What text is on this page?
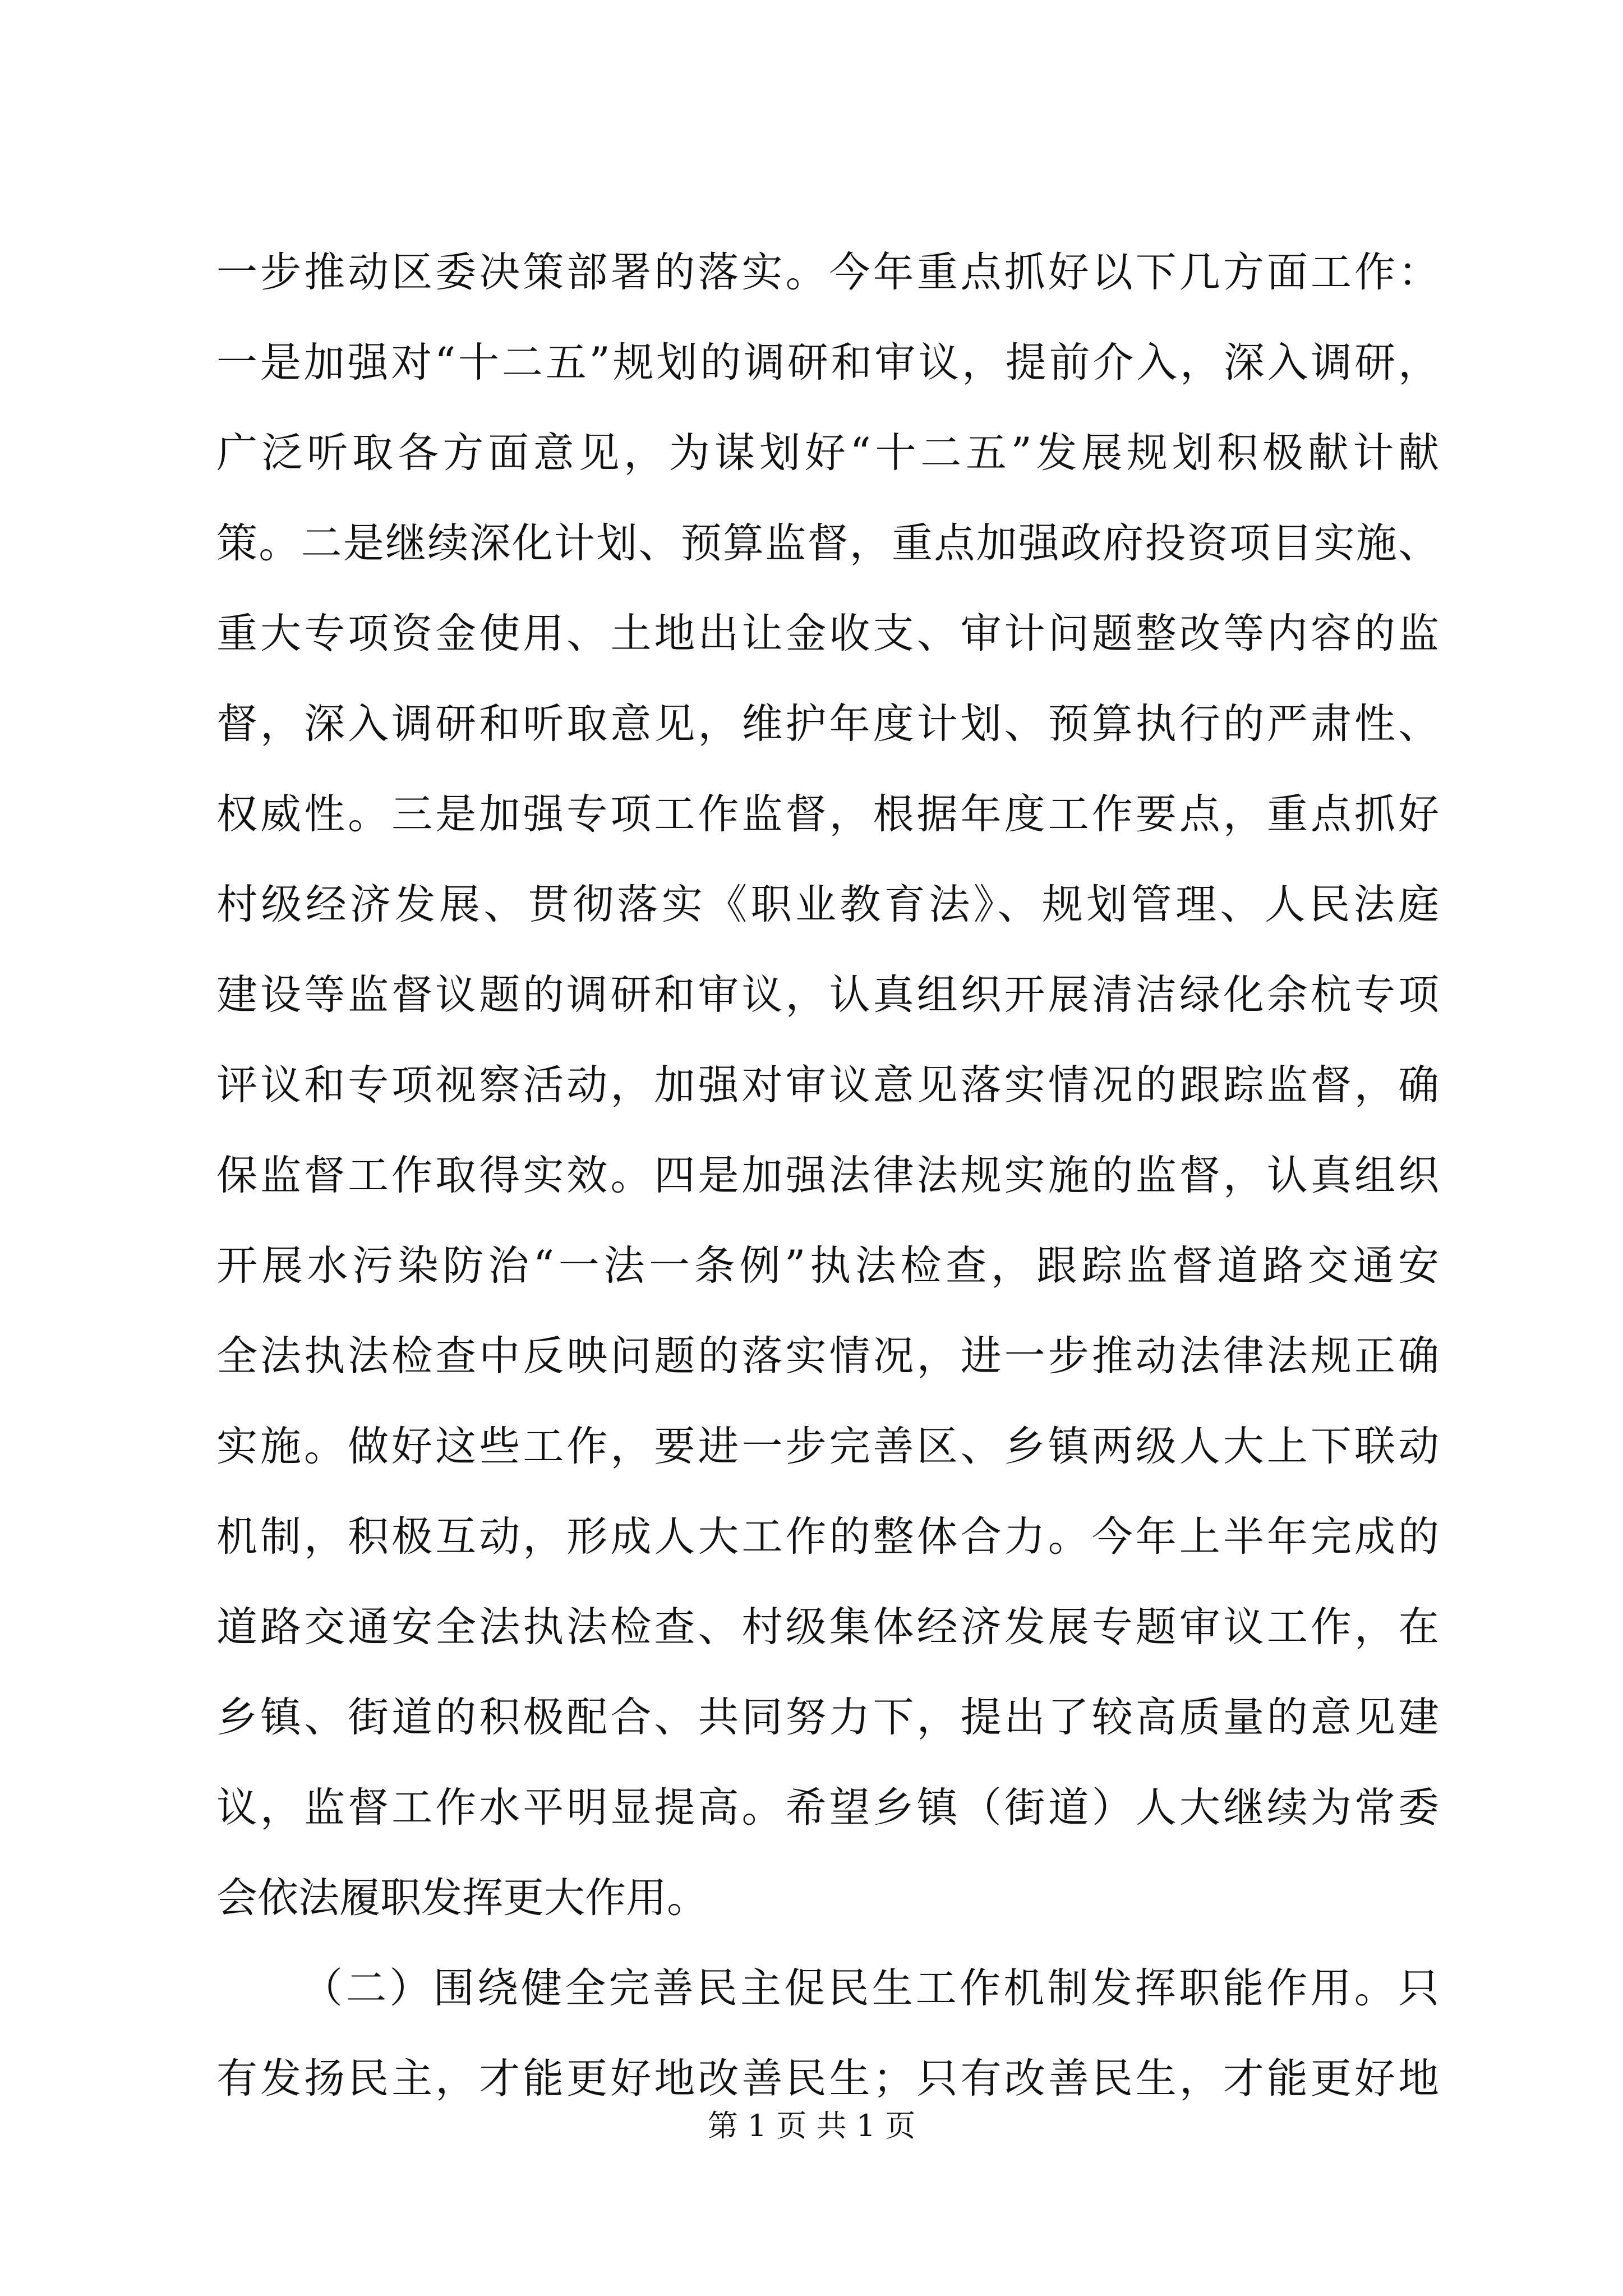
一步推动区委决策部署的落实。今年重点抓好以下几方面工作：
一是加强对“十二五”规划的调研和审议，提前介入，深入调研，
广泛听取各方面意见，为谋划好“十二五”发展规划积极献计献
策。二是继续深化计划、预算监督，重点加强政府投资项目实施、
重大专项资金使用、土地出让金收支、审计问题整改等内容的监
督，深入调研和听取意见，维护年度计划、预算执行的严肃性、
权威性。三是加强专项工作监督，根据年度工作要点，重点抓好
村级经济发展、贯彻落实《职业教育法》、规划管理、人民法庭
建设等监督议题的调研和审议，认真组织开展清洁绿化余杭专项
评议和专项视察活动，加强对审议意见落实情况的跟踪监督，确
保监督工作取得实效。四是加强法律法规实施的监督，认真组织
开展水污染防治“一法一条例”执法检查，跟踪监督道路交通安
全法执法检查中反映问题的落实情况，进一步推动法律法规正确
实施。做好这些工作，要进一步完善区、乡镇两级人大上下联动
机制，积极互动，形成人大工作的整体合力。今年上半年完成的
道路交通安全法执法检查、村级集体经济发展专题审议工作，在
乡镇、街道的积极配合、共同努力下，提出了较高质量的意见建
议，监督工作水平明显提高。希望乡镇（街道）人大继续为常委
会依法履职发挥更大作用。
（二）围绕健全完善民主促民生工作机制发挥职能作用。只
有发扬民主，才能更好地改善民生；只有改善民生，才能更好地
第 1 页 共 1 页
